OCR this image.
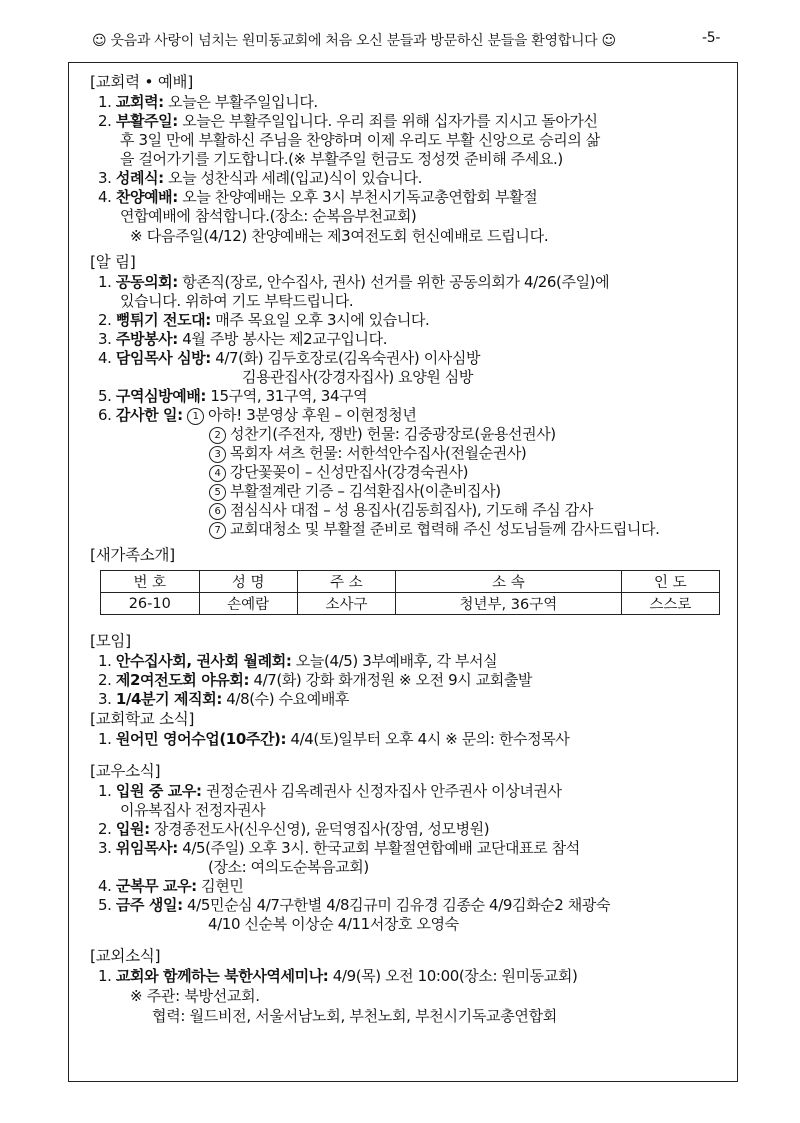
☺ 웃음과 사랑이 넘치는 원미동교회에 처음 오신 분들과 방문하신 분들을 환영합니다 ☺	-5-

[교회력 • 예배]

1. 교회력: 오늘은 부활주일입니다.

2. 부활주일: 오늘은 부활주일입니다. 우리 죄를 위해 십자가를 지시고 돌아가신

후 3일 만에 부활하신 주님을 찬양하며 이제 우리도 부활 신앙으로 승리의 삶

을 걸어가기를 기도합니다.(※ 부활주일 헌금도 정성껏 준비해 주세요.)

3. 성례식: 오늘 성찬식과 세례(입교)식이 있습니다.

4. 찬양예배: 오늘 찬양예배는 오후 3시 부천시기독교총연합회 부활절

연합예배에 참석합니다.(장소: 순복음부천교회)

※ 다음주일(4/12) 찬양예배는 제3여전도회 헌신예배로 드립니다.

[알 림]

1. 공동의회: 항존직(장로, 안수집사, 권사) 선거를 위한 공동의회가 4/26(주일)에

있습니다. 위하여 기도 부탁드립니다.

2. 뻥튀기 전도대: 매주 목요일 오후 3시에 있습니다.

3. 주방봉사: 4월 주방 봉사는 제2교구입니다.

4. 담임목사 심방: 4/7(화) 김두호장로(김옥숙권사) 이사심방

김용관집사(강경자집사) 요양원 심방

5. 구역심방예배: 15구역, 31구역, 34구역

6. 감사한 일: 1 아하! 3분영상 후원 – 이현정청년

2 성찬기(주전자, 쟁반) 헌물: 김중광장로(윤용선권사)

3 목회자 셔츠 헌물: 서한석안수집사(전월순권사)

4 강단꽃꽂이 – 신성만집사(강경숙권사)

5 부활절계란 기증 – 김석환집사(이춘비집사)

6 점심식사 대접 – 성 용집사(김동희집사), 기도해 주심 감사

7 교회대청소 및 부활절 준비로 협력해 주신 성도님들께 감사드립니다.

[새가족소개]

번 호	성 명	주 소	소 속	인 도
26-10	손예람	소사구	청년부, 36구역	스스로

[모임]

1. 안수집사회, 권사회 월례회: 오늘(4/5) 3부예배후, 각 부서실

2. 제2여전도회 야유회: 4/7(화) 강화 화개정원 ※ 오전 9시 교회출발

3. 1/4분기 제직회: 4/8(수) 수요예배후

[교회학교 소식]

1. 원어민 영어수업(10주간): 4/4(토)일부터 오후 4시 ※ 문의: 한수정목사

[교우소식]

1. 입원 중 교우: 권정순권사 김옥례권사 신정자집사 안주권사 이상녀권사

이유복집사 전정자권사

2. 입원: 장경종전도사(신우신영), 윤덕영집사(장염, 성모병원)

3. 위임목사: 4/5(주일) 오후 3시. 한국교회 부활절연합예배 교단대표로 참석

(장소: 여의도순복음교회)

4. 군복무 교우: 김현민

5. 금주 생일: 4/5민순심 4/7구한별 4/8김규미 김유경 김종순 4/9김화순2 채광숙

4/10 신순복 이상순 4/11서장호 오영숙

[교외소식]

1. 교회와 함께하는 북한사역세미나: 4/9(목) 오전 10:00(장소: 원미동교회)

※ 주관: 북방선교회.

협력: 월드비전, 서울서남노회, 부천노회, 부천시기독교총연합회
